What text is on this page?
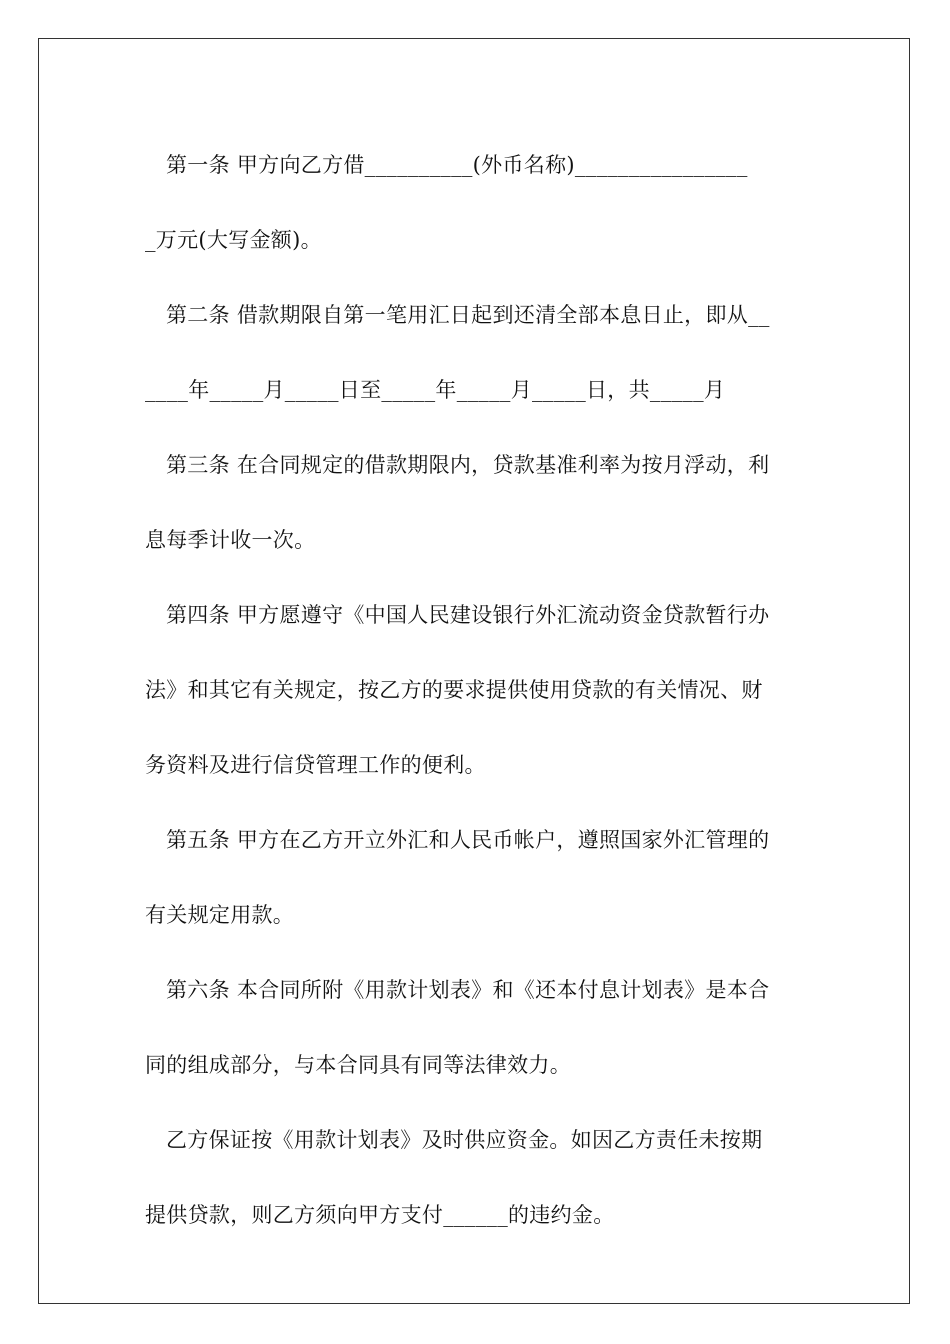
第一条 甲方向乙方借__________(外币名称)________________
_万元(大写金额)。
第二条 借款期限自第一笔用汇日起到还清全部本息日止，即从__
____年_____月_____日至_____年_____月_____日，共_____月
第三条 在合同规定的借款期限内，贷款基准利率为按月浮动，利
息每季计收一次。
第四条 甲方愿遵守《中国人民建设银行外汇流动资金贷款暂行办
法》和其它有关规定，按乙方的要求提供使用贷款的有关情况、财
务资料及进行信贷管理工作的便利。
第五条 甲方在乙方开立外汇和人民币帐户，遵照国家外汇管理的
有关规定用款。
第六条 本合同所附《用款计划表》和《还本付息计划表》是本合
同的组成部分，与本合同具有同等法律效力。
乙方保证按《用款计划表》及时供应资金。如因乙方责任未按期
提供贷款，则乙方须向甲方支付______的违约金。
